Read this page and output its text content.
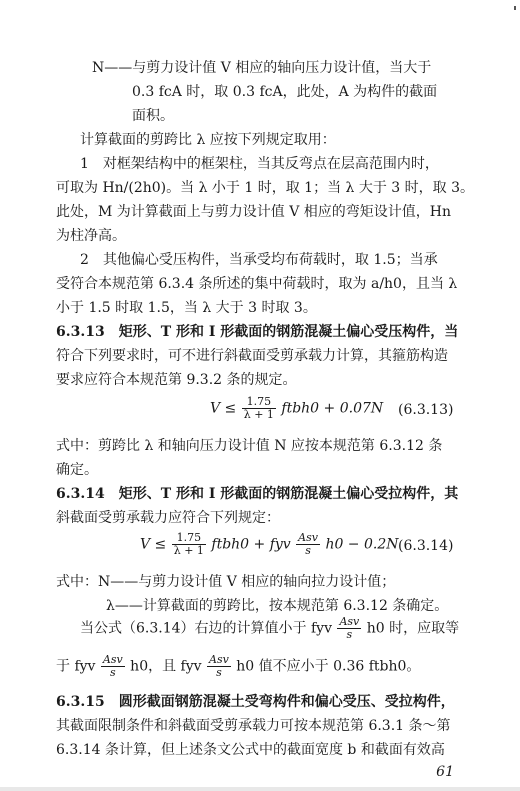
N——与剪力设计值 V 相应的轴向压力设计值，当大于
0.3 fcA 时，取 0.3 fcA，此处，A 为构件的截面
面积。
计算截面的剪跨比 λ 应按下列规定取用：
1　对框架结构中的框架柱，当其反弯点在层高范围内时，
可取为 Hn/(2h0)。当 λ 小于 1 时，取 1；当 λ 大于 3 时，取 3。
此处，M 为计算截面上与剪力设计值 V 相应的弯矩设计值，Hn
为柱净高。
2　其他偏心受压构件，当承受均布荷载时，取 1.5；当承
受符合本规范第 6.3.4 条所述的集中荷载时，取为 a/h0，且当 λ
小于 1.5 时取 1.5，当 λ 大于 3 时取 3。
6.3.13　矩形、T 形和 I 形截面的钢筋混凝土偏心受压构件，当
符合下列要求时，可不进行斜截面受剪承载力计算，其箍筋构造
要求应符合本规范第 9.3.2 条的规定。
$V \le \frac{1.75}{\lambda + 1}$ ftbh0 + 0.07N (6.3.13)
式中：剪跨比 λ 和轴向压力设计值 N 应按本规范第 6.3.12 条
确定。
6.3.14　矩形、T 形和 I 形截面的钢筋混凝土偏心受拉构件，其
斜截面受剪承载力应符合下列规定：
$V \le \frac{1.75}{\lambda + 1}$ ftbh0 + fyv $\frac{\text{Asv}}{s} h0 - 0.2N$ (6.3.14)
式中：N——与剪力设计值 V 相应的轴向拉力设计值；
λ——计算截面的剪跨比，按本规范第 6.3.12 条确定。
当公式（6.3.14）右边的计算值小于 fyv $\frac{\text{Asv}}{s} h0$ 时，应取等
于 fyv $\frac{\text{Asv}}{s} h0$，且 fyv $\frac{\text{Asv}}{s} h0$ 值不应小于 0.36 ftbh0。
6.3.15　圆形截面钢筋混凝土受弯构件和偏心受压、受拉构件，
其截面限制条件和斜截面受剪承载力可按本规范第 6.3.1 条～第
6.3.14 条计算，但上述条文公式中的截面宽度 b 和截面有效高
61
